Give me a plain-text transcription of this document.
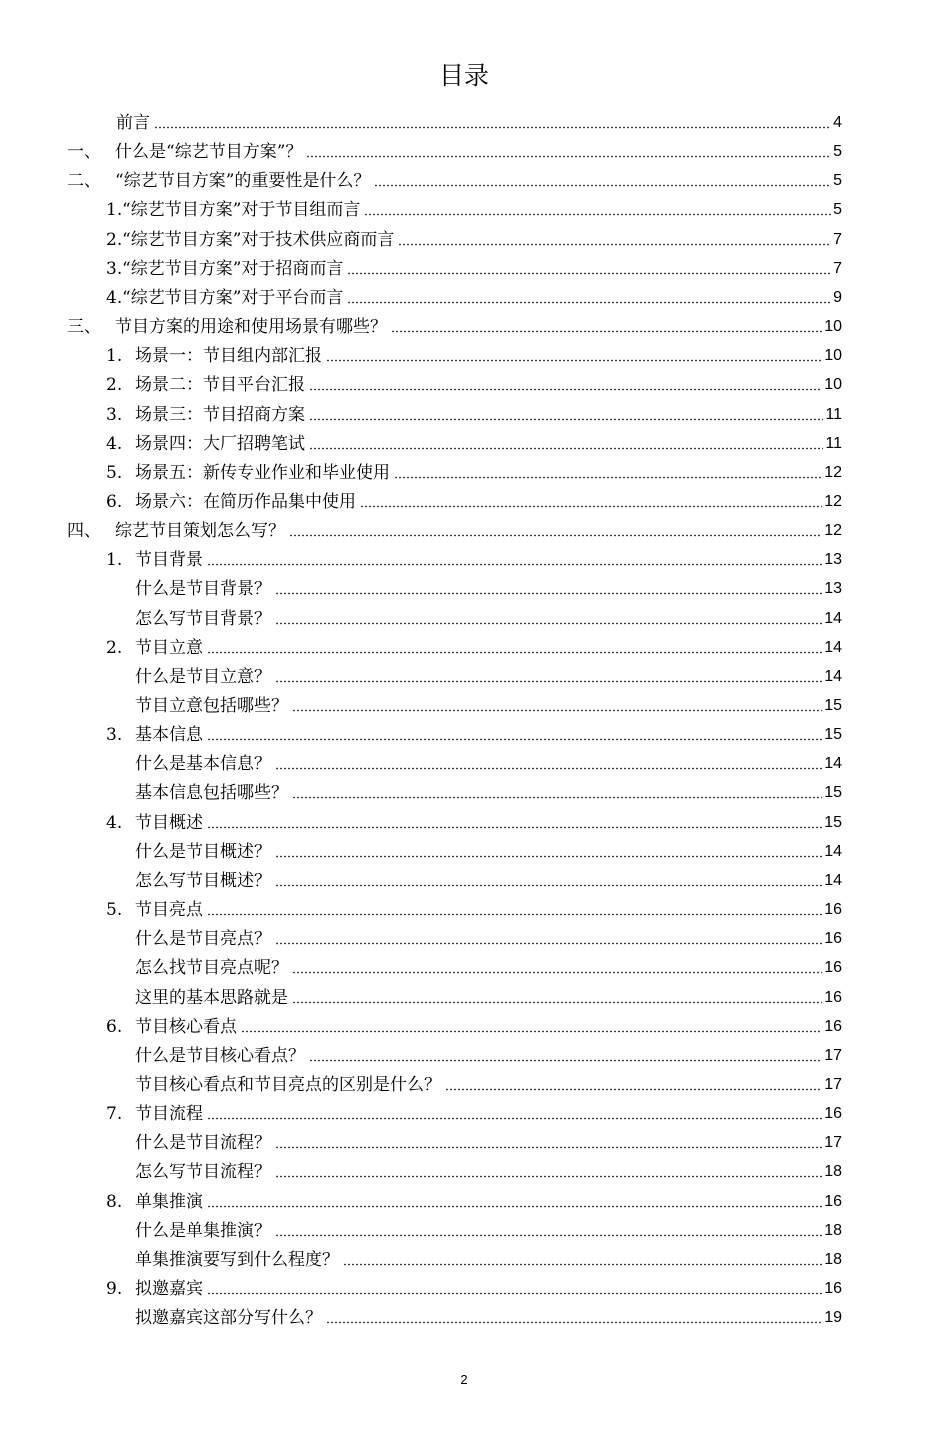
目录
前言	4
一、 什么是“综艺节目方案”？	5
二、 “综艺节目方案”的重要性是什么？	5
1. “综艺节目方案”对于节目组而言	5
2. “综艺节目方案”对于技术供应商而言	7
3. “综艺节目方案”对于招商而言	7
4. “综艺节目方案”对于平台而言	9
三、 节目方案的用途和使用场景有哪些？	10
1. 场景一：节目组内部汇报	10
2. 场景二：节目平台汇报	10
3. 场景三：节目招商方案	11
4. 场景四：大厂招聘笔试	11
5. 场景五：新传专业作业和毕业使用	12
6. 场景六：在简历作品集中使用	12
四、 综艺节目策划怎么写？	12
1. 节目背景	13
什么是节目背景？	13
怎么写节目背景？	14
2. 节目立意	14
什么是节目立意？	14
节目立意包括哪些？	15
3. 基本信息	15
什么是基本信息？	14
基本信息包括哪些？	15
4. 节目概述	15
什么是节目概述？	14
怎么写节目概述？	14
5. 节目亮点	16
什么是节目亮点？	16
怎么找节目亮点呢？	16
这里的基本思路就是	16
6. 节目核心看点	16
什么是节目核心看点？	17
节目核心看点和节目亮点的区别是什么？	17
7. 节目流程	16
什么是节目流程？	17
怎么写节目流程？	18
8. 单集推演	16
什么是单集推演？	18
单集推演要写到什么程度？	18
9. 拟邀嘉宾	16
拟邀嘉宾这部分写什么？	19
2
